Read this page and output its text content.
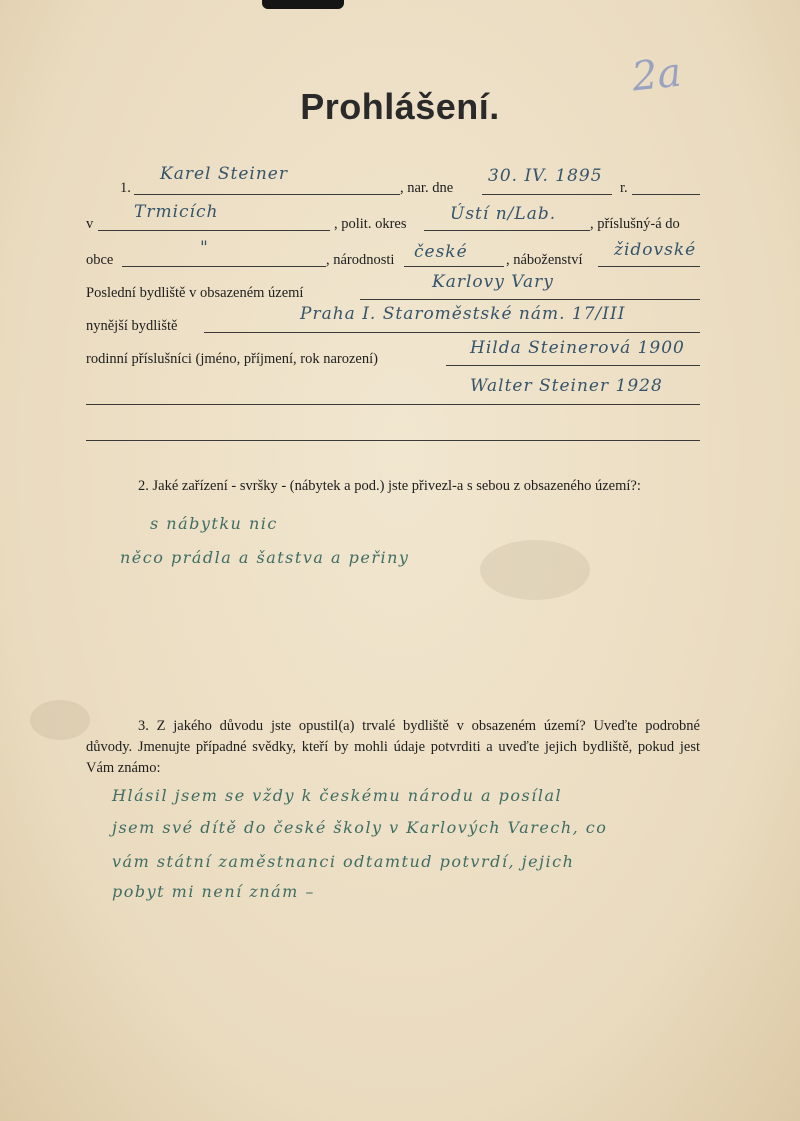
2a
Prohlášení.
1.
Karel Steiner
, nar. dne
30. IV. 1895
r.
v
Trmicích
, polit. okres	Ústí n/Lab. , příslušný-á do
obce
"
, národnosti české	, náboženství židovské
Poslední bydliště v obsazeném území
Karlovy Vary
nynější bydliště
Praha I. Staroměstské nám. 17/III
rodinní příslušníci (jméno, příjmení, rok narození)
Hilda Steinerová 1900
Walter Steiner 1928
2. Jaké zařízení - svršky - (nábytek a pod.) jste přivezl-a s sebou z obsazeného území?:
s nábytku nic
něco prádla a šatstva a peřiny
3. Z jakého důvodu jste opustil(a) trvalé bydliště v obsazeném území? Uveďte podrobné důvody. Jmenujte případné svědky, kteří by mohli údaje potvrditi a uveďte jejich bydliště, pokud jest Vám známo:
Hlásil jsem se vždy k českému národu a posílal
jsem své dítě do české školy v Karlových Varech, co
vám státní zaměstnanci odtamtud potvrdí, jejich
pobyt mi není znám –
